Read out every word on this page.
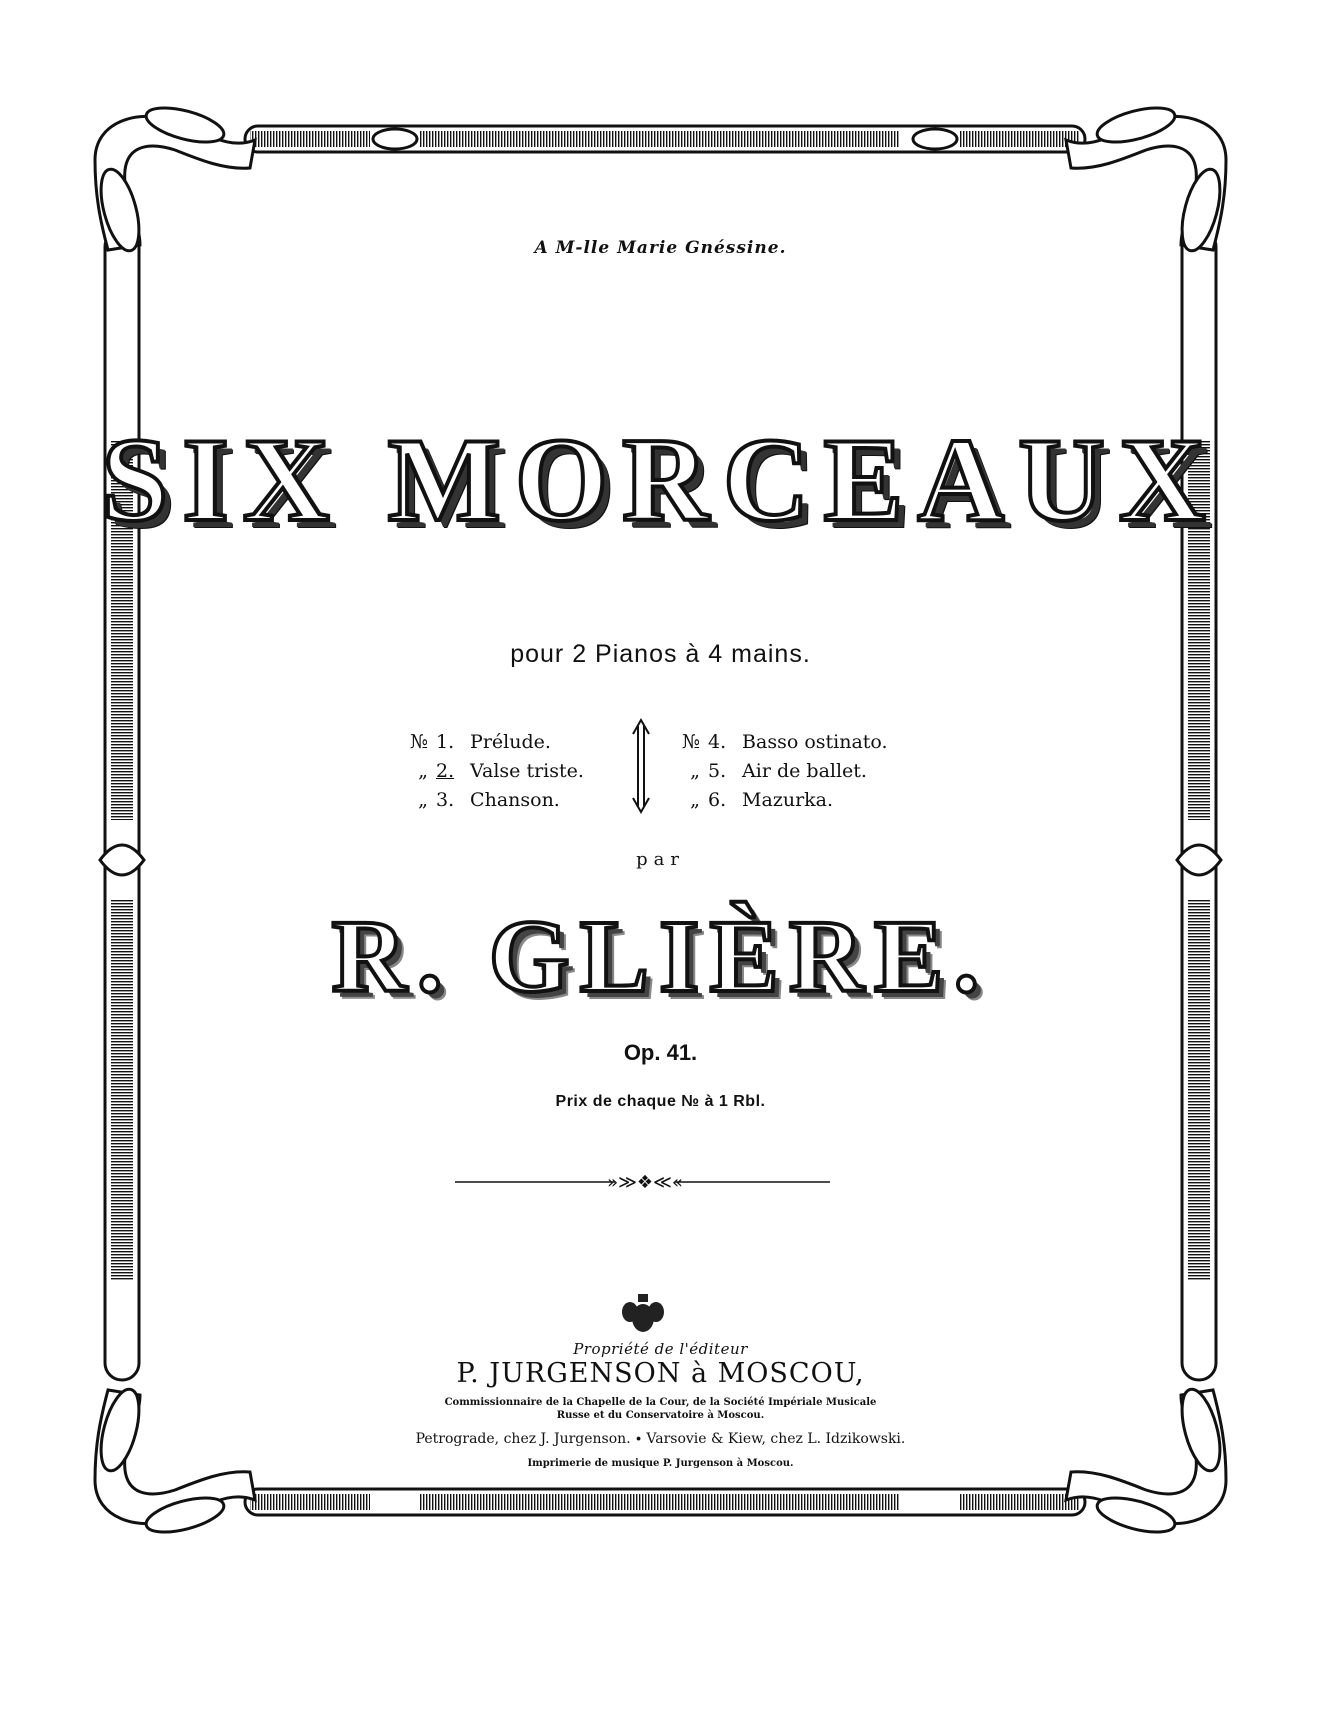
»≫❖≪«
A M-lle Marie Gnéssine.
SIX MORCEAUX
pour 2 Pianos à 4 mains.
№ 1. Prélude.
„ 2. Valse triste.
„ 3. Chanson.
№ 4. Basso ostinato.
„ 5. Air de ballet.
„ 6. Mazurka.
par
R. GLIÈRE.
Op. 41.
Prix de chaque № à 1 Rbl.
Propriété de l'éditeur
P. JURGENSON à MOSCOU,
Commissionnaire de la Chapelle de la Cour, de la Société Impériale Musicale
Russe et du Conservatoire à Moscou.
Petrograde, chez J. Jurgenson. ∙ Varsovie & Kiew, chez L. Idzikowski.
Imprimerie de musique P. Jurgenson à Moscou.
